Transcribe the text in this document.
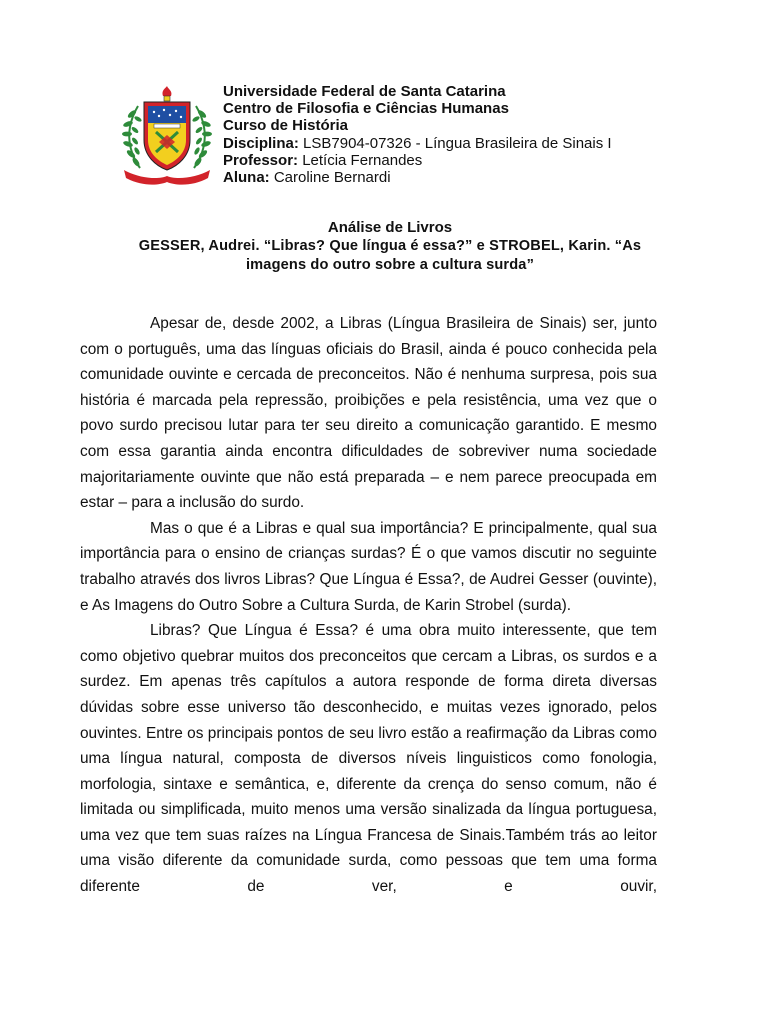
Universidade Federal de Santa Catarina
Centro de Filosofia e Ciências Humanas
Curso de História
Disciplina: LSB7904-07326 - Língua Brasileira de Sinais I
Professor: Letícia Fernandes
Aluna: Caroline Bernardi
Análise de Livros
GESSER, Audrei. “Libras? Que língua é essa?” e STROBEL, Karin. “As
imagens do outro sobre a cultura surda”

Apesar de, desde 2002, a Libras (Língua Brasileira de Sinais) ser, junto com o português, uma das línguas oficiais do Brasil, ainda é pouco conhecida pela comunidade ouvinte e cercada de preconceitos. Não é nenhuma surpresa, pois sua história é marcada pela repressão, proibições e pela resistência, uma vez que o povo surdo precisou lutar para ter seu direito a comunicação garantido. E mesmo com essa garantia ainda encontra dificuldades de sobreviver numa sociedade majoritariamente ouvinte que não está preparada – e nem parece preocupada em estar – para a inclusão do surdo.

Mas o que é a Libras e qual sua importância? E principalmente, qual sua importância para o ensino de crianças surdas? É o que vamos discutir no seguinte trabalho através dos livros Libras? Que Língua é Essa?, de Audrei Gesser (ouvinte), e As Imagens do Outro Sobre a Cultura Surda, de Karin Strobel (surda).

Libras? Que Língua é Essa? é uma obra muito interessente, que tem como objetivo quebrar muitos dos preconceitos que cercam a Libras, os surdos e a surdez. Em apenas três capítulos a autora responde de forma direta diversas dúvidas sobre esse universo tão desconhecido, e muitas vezes ignorado, pelos ouvintes. Entre os principais pontos de seu livro estão a reafirmação da Libras como uma língua natural, composta de diversos níveis linguisticos como fonologia, morfologia, sintaxe e semântica, e, diferente da crença do senso comum, não é limitada ou simplificada, muito menos uma versão sinalizada da língua portuguesa, uma vez que tem suas raízes na Língua Francesa de Sinais.Também trás ao leitor uma visão diferente da comunidade surda, como pessoas que tem uma forma diferente de ver, e ouvir,
